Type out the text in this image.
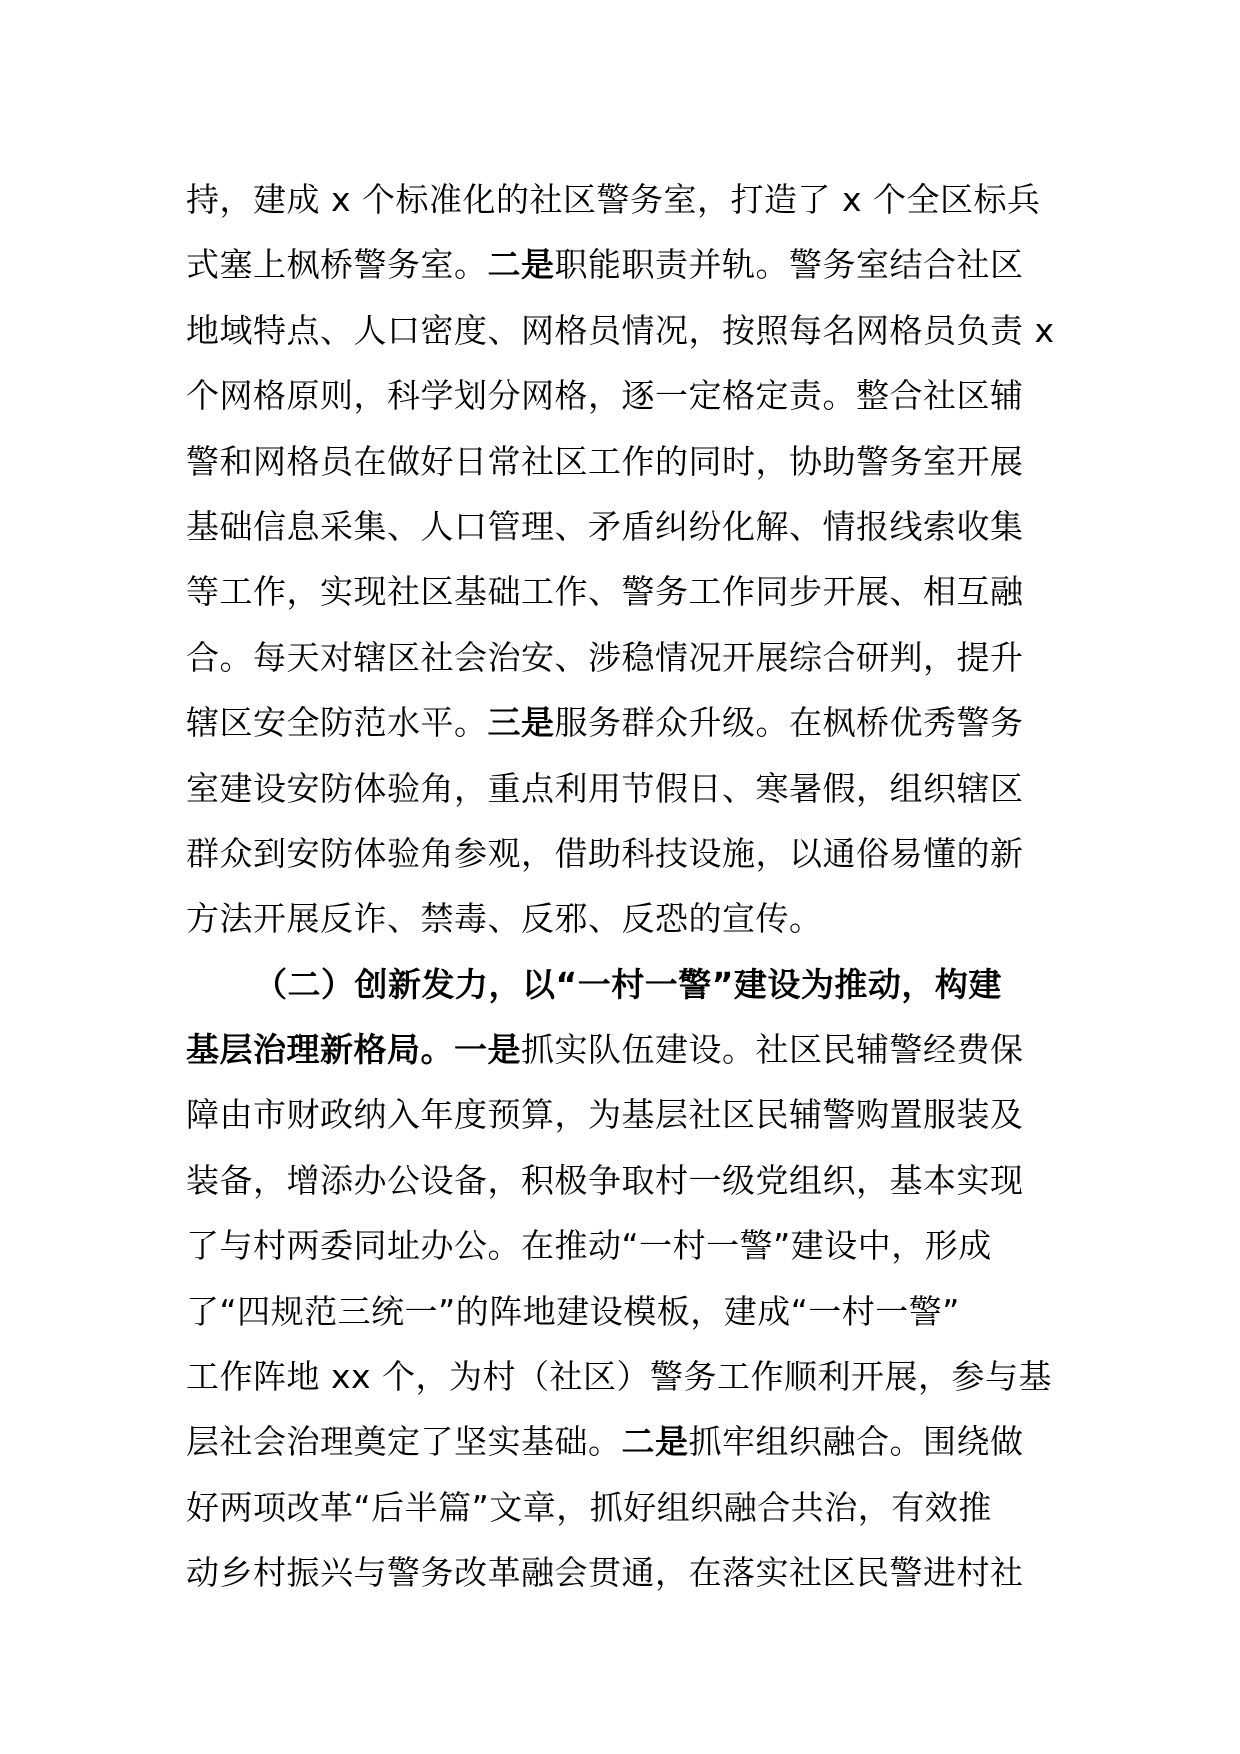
持，建成 x 个标准化的社区警务室，打造了 x 个全区标兵
式塞上枫桥警务室。二是职能职责并轨。警务室结合社区
地域特点、人口密度、网格员情况，按照每名网格员负责 x
个网格原则，科学划分网格，逐一定格定责。整合社区辅
警和网格员在做好日常社区工作的同时，协助警务室开展
基础信息采集、人口管理、矛盾纠纷化解、情报线索收集
等工作，实现社区基础工作、警务工作同步开展、相互融
合。每天对辖区社会治安、涉稳情况开展综合研判，提升
辖区安全防范水平。三是服务群众升级。在枫桥优秀警务
室建设安防体验角，重点利用节假日、寒暑假，组织辖区
群众到安防体验角参观，借助科技设施，以通俗易懂的新
方法开展反诈、禁毒、反邪、反恐的宣传。
（二）创新发力，以“一村一警”建设为推动，构建
基层治理新格局。一是抓实队伍建设。社区民辅警经费保
障由市财政纳入年度预算，为基层社区民辅警购置服装及
装备，增添办公设备，积极争取村一级党组织，基本实现
了与村两委同址办公。在推动“一村一警”建设中，形成
了“四规范三统一”的阵地建设模板，建成“一村一警”
工作阵地 xx 个，为村（社区）警务工作顺利开展，参与基
层社会治理奠定了坚实基础。二是抓牢组织融合。围绕做
好两项改革“后半篇”文章，抓好组织融合共治，有效推
动乡村振兴与警务改革融会贯通，在落实社区民警进村社
